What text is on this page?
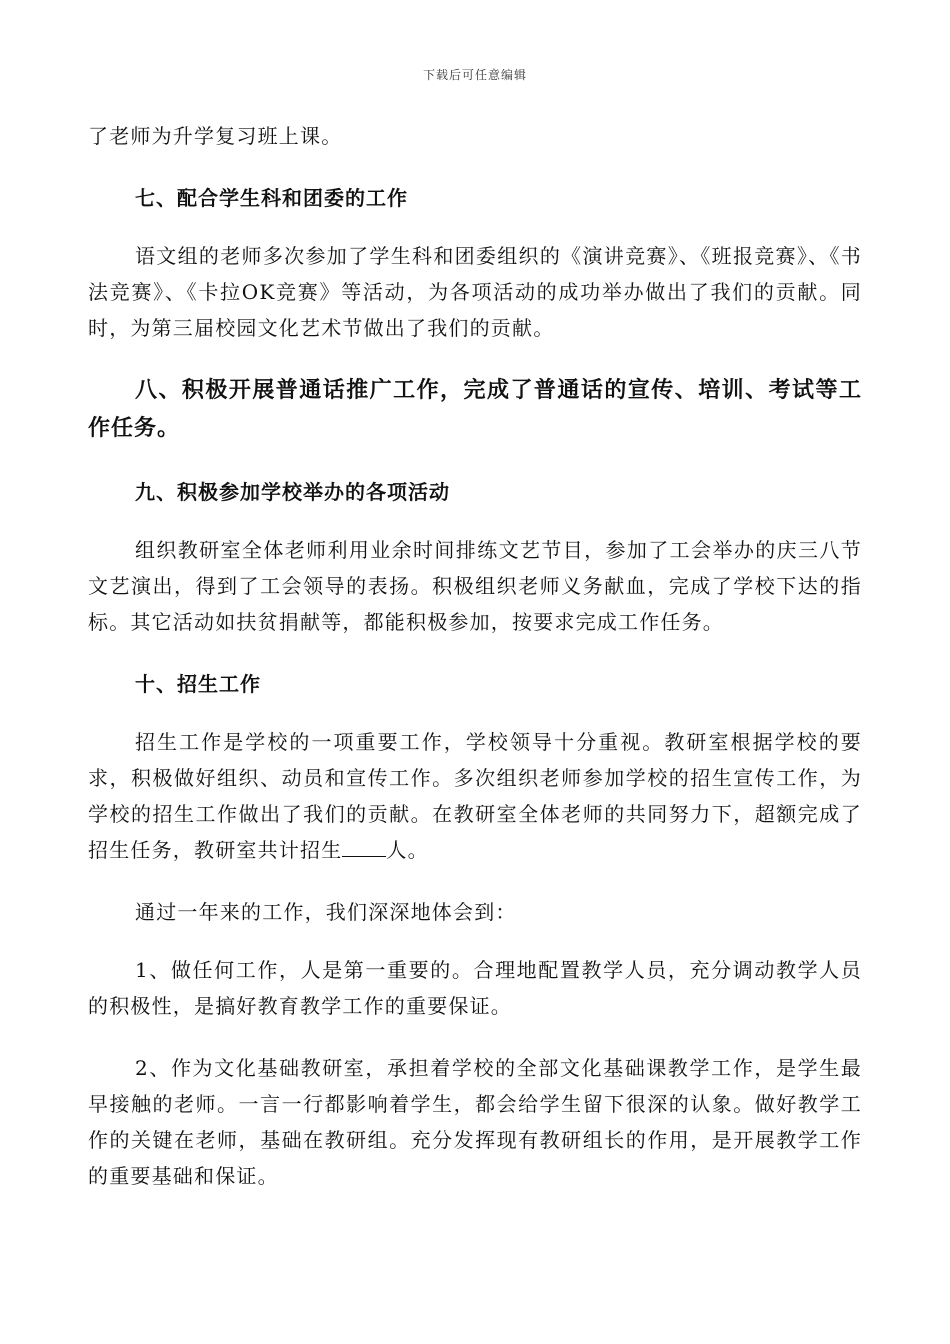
下载后可任意编辑

了老师为升学复习班上课。

七、配合学生科和团委的工作

语文组的老师多次参加了学生科和团委组织的《演讲竞赛》、《班报竞赛》、《书法竞赛》、《卡拉OK竞赛》等活动，为各项活动的成功举办做出了我们的贡献。同时，为第三届校园文化艺术节做出了我们的贡献。

八、积极开展普通话推广工作，完成了普通话的宣传、培训、考试等工作任务。

九、积极参加学校举办的各项活动

组织教研室全体老师利用业余时间排练文艺节目，参加了工会举办的庆三八节文艺演出，得到了工会领导的表扬。积极组织老师义务献血，完成了学校下达的指标。其它活动如扶贫捐献等，都能积极参加，按要求完成工作任务。

十、招生工作

招生工作是学校的一项重要工作，学校领导十分重视。教研室根据学校的要求，积极做好组织、动员和宣传工作。多次组织老师参加学校的招生宣传工作，为学校的招生工作做出了我们的贡献。在教研室全体老师的共同努力下，超额完成了招生任务，教研室共计招生 人。

通过一年来的工作，我们深深地体会到：

1、做任何工作，人是第一重要的。合理地配置教学人员，充分调动教学人员的积极性，是搞好教育教学工作的重要保证。

2、作为文化基础教研室，承担着学校的全部文化基础课教学工作，是学生最早接触的老师。一言一行都影响着学生，都会给学生留下很深的认象。做好教学工作的关键在老师，基础在教研组。充分发挥现有教研组长的作用，是开展教学工作的重要基础和保证。
